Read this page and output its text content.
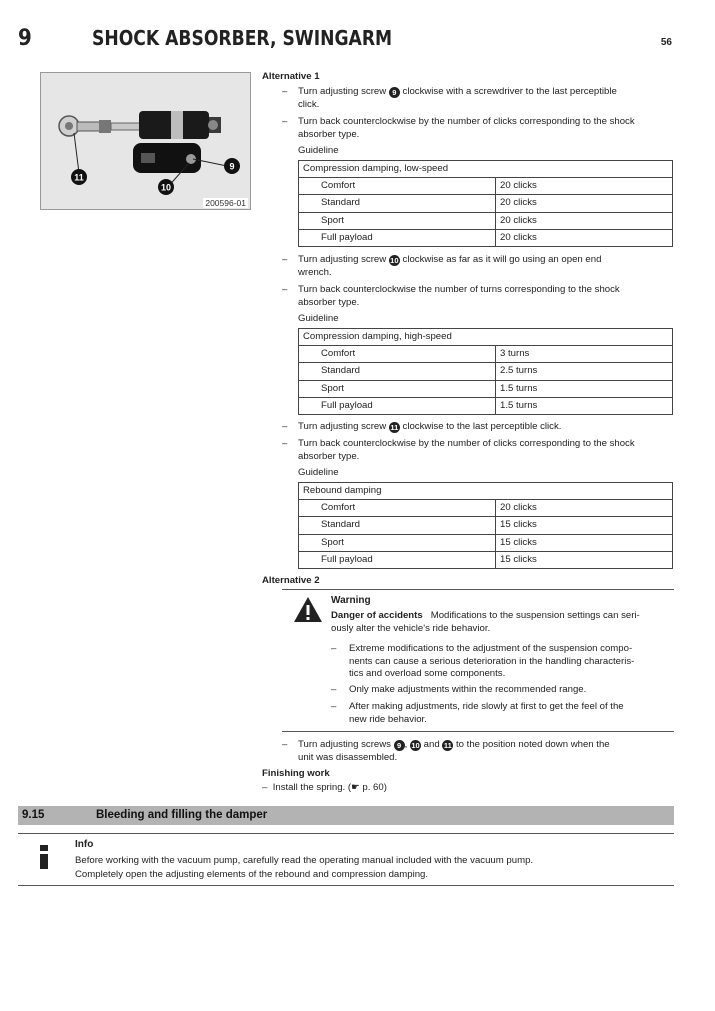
9	SHOCK ABSORBER, SWINGARM	56
11
9
10
200596-01
Alternative 1
– Turn adjusting screw 9 clockwise with a screwdriver to the last perceptible
click.
– Turn back counterclockwise by the number of clicks corresponding to the shock
absorber type.
Guideline
Compression damping, low-speed	
Comfort	20 clicks
Standard	20 clicks
Sport	20 clicks
Full payload	20 clicks
– Turn adjusting screw 10 clockwise as far as it will go using an open end
wrench.
– Turn back counterclockwise the number of turns corresponding to the shock
absorber type.
Guideline
Compression damping, high-speed	
Comfort	3 turns
Standard	2.5 turns
Sport	1.5 turns
Full payload	1.5 turns
– Turn adjusting screw 11 clockwise to the last perceptible click.
– Turn back counterclockwise by the number of clicks corresponding to the shock
absorber type.
Guideline
Rebound damping	
Comfort	20 clicks
Standard	15 clicks
Sport	15 clicks
Full payload	15 clicks
Alternative 2
Warning
Danger of accidents Modifications to the suspension settings can seri-
ously alter the vehicle's ride behavior.
– Extreme modifications to the adjustment of the suspension compo-
nents can cause a serious deterioration in the handling characteris-
tics and overload some components.
– Only make adjustments within the recommended range.
– After making adjustments, ride slowly at first to get the feel of the
new ride behavior.
– Turn adjusting screws 9 , 10 and 11 to the position noted down when the
unit was disassembled.
Finishing work
– Install the spring. (☛ p. 60)
9.15	Bleeding and filling the damper
Info
Before working with the vacuum pump, carefully read the operating manual included with the vacuum pump.
Completely open the adjusting elements of the rebound and compression damping.
